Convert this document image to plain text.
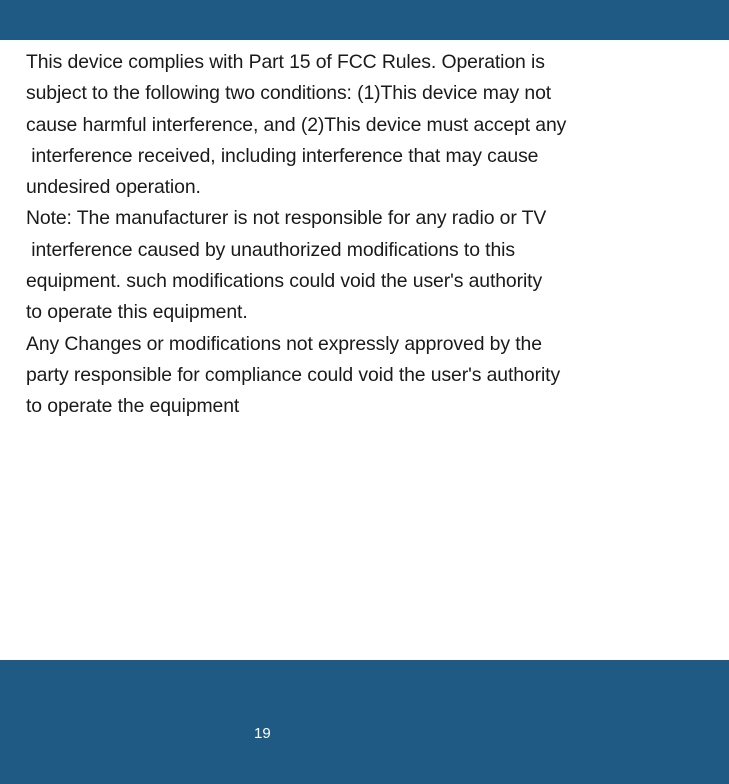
This device complies with Part 15 of FCC Rules. Operation is
subject to the following two conditions: (1)This device may not
cause harmful interference, and (2)This device must accept any
interference received, including interference that may cause
undesired operation.
Note: The manufacturer is not responsible for any radio or TV
interference caused by unauthorized modifications to this
equipment. such modifications could void the user's authority
to operate this equipment.
Any Changes or modifications not expressly approved by the
party responsible for compliance could void the user's authority
to operate the equipment
19
